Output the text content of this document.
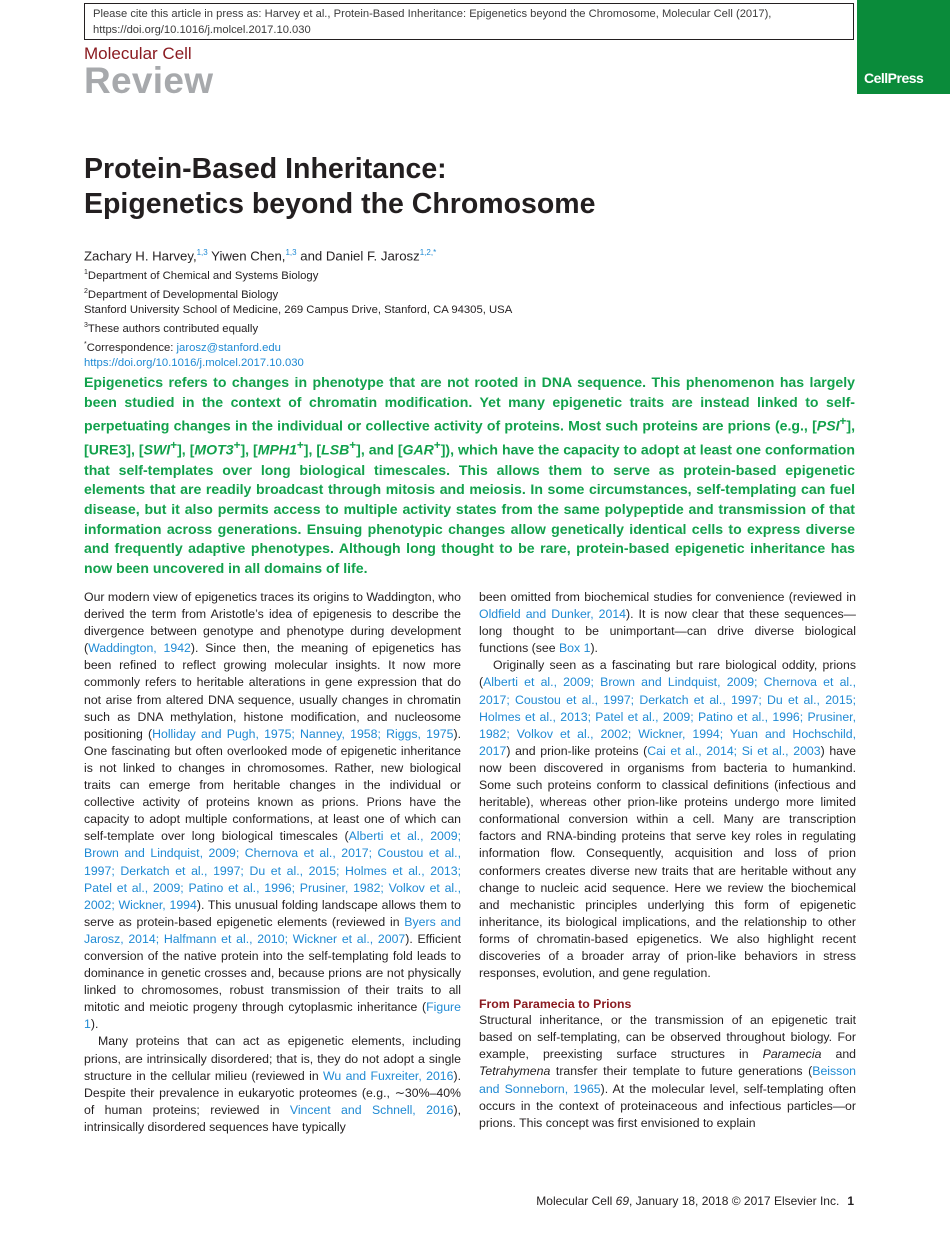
Please cite this article in press as: Harvey et al., Protein-Based Inheritance: Epigenetics beyond the Chromosome, Molecular Cell (2017), https://doi.org/10.1016/j.molcel.2017.10.030
Molecular Cell
Review	CellPress
Protein-Based Inheritance:
Epigenetics beyond the Chromosome
Zachary H. Harvey,$^{1,3}$ Yiwen Chen,$^{1,3}$ and Daniel F. Jarosz$^{1,2,*}$
$^1$Department of Chemical and Systems Biology
$^2$Department of Developmental Biology
Stanford University School of Medicine, 269 Campus Drive, Stanford, CA 94305, USA
$^3$These authors contributed equally
*Correspondence: jarosz@stanford.edu
https://doi.org/10.1016/j.molcel.2017.10.030

Epigenetics refers to changes in phenotype that are not rooted in DNA sequence. This phenomenon has largely been studied in the context of chromatin modification. Yet many epigenetic traits are instead linked to self-perpetuating changes in the individual or collective activity of proteins. Most such proteins are prions (e.g., [PSI+], [URE3], [SWI+], [MOT3+], [MPH1+], [LSB+], and [GAR+]), which have the capacity to adopt at least one conformation that self-templates over long biological timescales. This allows them to serve as protein-based epigenetic elements that are readily broadcast through mitosis and meiosis. In some circumstances, self-templating can fuel disease, but it also permits access to multiple activity states from the same polypeptide and transmission of that information across generations. Ensuing phenotypic changes allow genetically identical cells to express diverse and frequently adaptive phenotypes. Although long thought to be rare, protein-based epigenetic inheritance has now been uncovered in all domains of life.

Our modern view of epigenetics traces its origins to Waddington, who derived the term from Aristotle’s idea of epigenesis to describe the divergence between genotype and phenotype during development (Waddington, 1942). Since then, the meaning of epigenetics has been refined to reflect growing molecular insights. It now more commonly refers to heritable alterations in gene expression that do not arise from altered DNA sequence, usually changes in chromatin such as DNA methylation, histone modification, and nucleosome positioning (Holliday and Pugh, 1975; Nanney, 1958; Riggs, 1975). One fascinating but often overlooked mode of epigenetic inheritance is not linked to changes in chromosomes. Rather, new biological traits can emerge from heritable changes in the individual or collective activity of proteins known as prions. Prions have the capacity to adopt multiple conformations, at least one of which can self-template over long biological timescales (Alberti et al., 2009; Brown and Lindquist, 2009; Chernova et al., 2017; Coustou et al., 1997; Derkatch et al., 1997; Du et al., 2015; Holmes et al., 2013; Patel et al., 2009; Patino et al., 1996; Prusiner, 1982; Volkov et al., 2002; Wickner, 1994). This unusual folding landscape allows them to serve as protein-based epigenetic elements (reviewed in Byers and Jarosz, 2014; Halfmann et al., 2010; Wickner et al., 2007). Efficient conversion of the native protein into the self-templating fold leads to dominance in genetic crosses and, because prions are not physically linked to chromosomes, robust transmission of their traits to all mitotic and meiotic progeny through cytoplasmic inheritance (Figure 1).

Many proteins that can act as epigenetic elements, including prions, are intrinsically disordered; that is, they do not adopt a single structure in the cellular milieu (reviewed in Wu and Fuxreiter, 2016). Despite their prevalence in eukaryotic proteomes (e.g., ∼30%–40% of human proteins; reviewed in Vincent and Schnell, 2016), intrinsically disordered sequences have typically

been omitted from biochemical studies for convenience (reviewed in Oldfield and Dunker, 2014). It is now clear that these sequences—long thought to be unimportant—can drive diverse biological functions (see Box 1).

Originally seen as a fascinating but rare biological oddity, prions (Alberti et al., 2009; Brown and Lindquist, 2009; Chernova et al., 2017; Coustou et al., 1997; Derkatch et al., 1997; Du et al., 2015; Holmes et al., 2013; Patel et al., 2009; Patino et al., 1996; Prusiner, 1982; Volkov et al., 2002; Wickner, 1994; Yuan and Hochschild, 2017) and prion-like proteins (Cai et al., 2014; Si et al., 2003) have now been discovered in organisms from bacteria to humankind. Some such proteins conform to classical definitions (infectious and heritable), whereas other prion-like proteins undergo more limited conformational conversion within a cell. Many are transcription factors and RNA-binding proteins that serve key roles in regulating information flow. Consequently, acquisition and loss of prion conformers creates diverse new traits that are heritable without any change to nucleic acid sequence. Here we review the biochemical and mechanistic principles underlying this form of epigenetic inheritance, its biological implications, and the relationship to other forms of chromatin-based epigenetics. We also highlight recent discoveries of a broader array of prion-like behaviors in stress responses, evolution, and gene regulation.

From Paramecia to Prions

Structural inheritance, or the transmission of an epigenetic trait based on self-templating, can be observed throughout biology. For example, preexisting surface structures in Paramecia and Tetrahymena transfer their template to future generations (Beisson and Sonneborn, 1965). At the molecular level, self-templating often occurs in the context of proteinaceous and infectious particles—or prions. This concept was first envisioned to explain

Molecular Cell 69, January 18, 2018 © 2017 Elsevier Inc. 1
